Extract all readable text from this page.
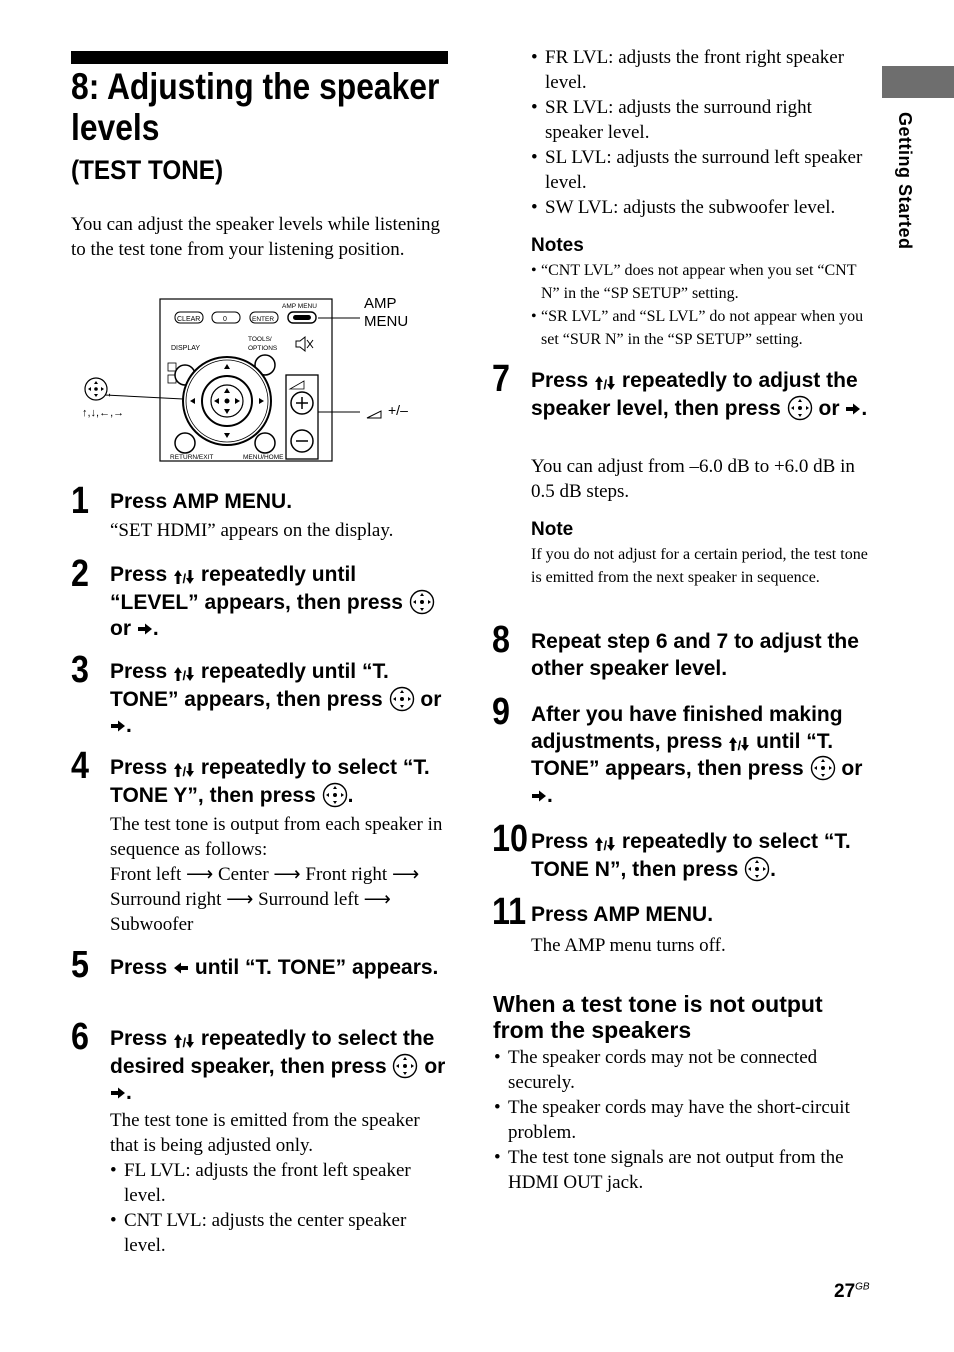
8: Adjusting the speaker levels
(TEST TONE)
You can adjust the speaker levels while listening to the test tone from your listening position.
CLEAR	0	ENTER
AMP MENU
DISPLAY
TOOLS/
OPTIONS
RETURN/EXIT	MENU/HOME
,
↑,↓,←,→
AMP MENU
+/–
1 Press AMP MENU.
“SET HDMI” appears on the display.
2 Press repeatedly until “LEVEL” appears, then press  or .
3 Press repeatedly until “T. TONE” appears, then press or .
4 Press repeatedly to select “T. TONE Y”, then press .
The test tone is output from each speaker in sequence as follows:
Front left ⟶ Center ⟶ Front right ⟶ Surround right ⟶ Surround left ⟶ Subwoofer
5 Press until “T. TONE” appears.
6 Press repeatedly to select the desired speaker, then press or .
The test tone is emitted from the speaker that is being adjusted only.
• FL LVL: adjusts the front left speaker level.
• CNT LVL: adjusts the center speaker level.
• FR LVL: adjusts the front right speaker level.
• SR LVL: adjusts the surround right speaker level.
• SL LVL: adjusts the surround left speaker level.
• SW LVL: adjusts the subwoofer level.
Notes
• “CNT LVL” does not appear when you set “CNT N” in the “SP SETUP” setting.
• “SR LVL” and “SL LVL” do not appear when you set “SUR N” in the “SP SETUP” setting.
7 Press repeatedly to adjust the speaker level, then press or .
You can adjust from –6.0 dB to +6.0 dB in 0.5 dB steps.
Note
If you do not adjust for a certain period, the test tone is emitted from the next speaker in sequence.
8 Repeat step 6 and 7 to adjust the other speaker level.
9 After you have finished making adjustments, press until “T. TONE” appears, then press or .
10 Press repeatedly to select “T. TONE N”, then press .
11 Press AMP MENU.
The AMP menu turns off.
When a test tone is not output from the speakers
• The speaker cords may not be connected securely.
• The speaker cords may have the short-circuit problem.
• The test tone signals are not output from the HDMI OUT jack.
Getting Started
$27^{GB}$
